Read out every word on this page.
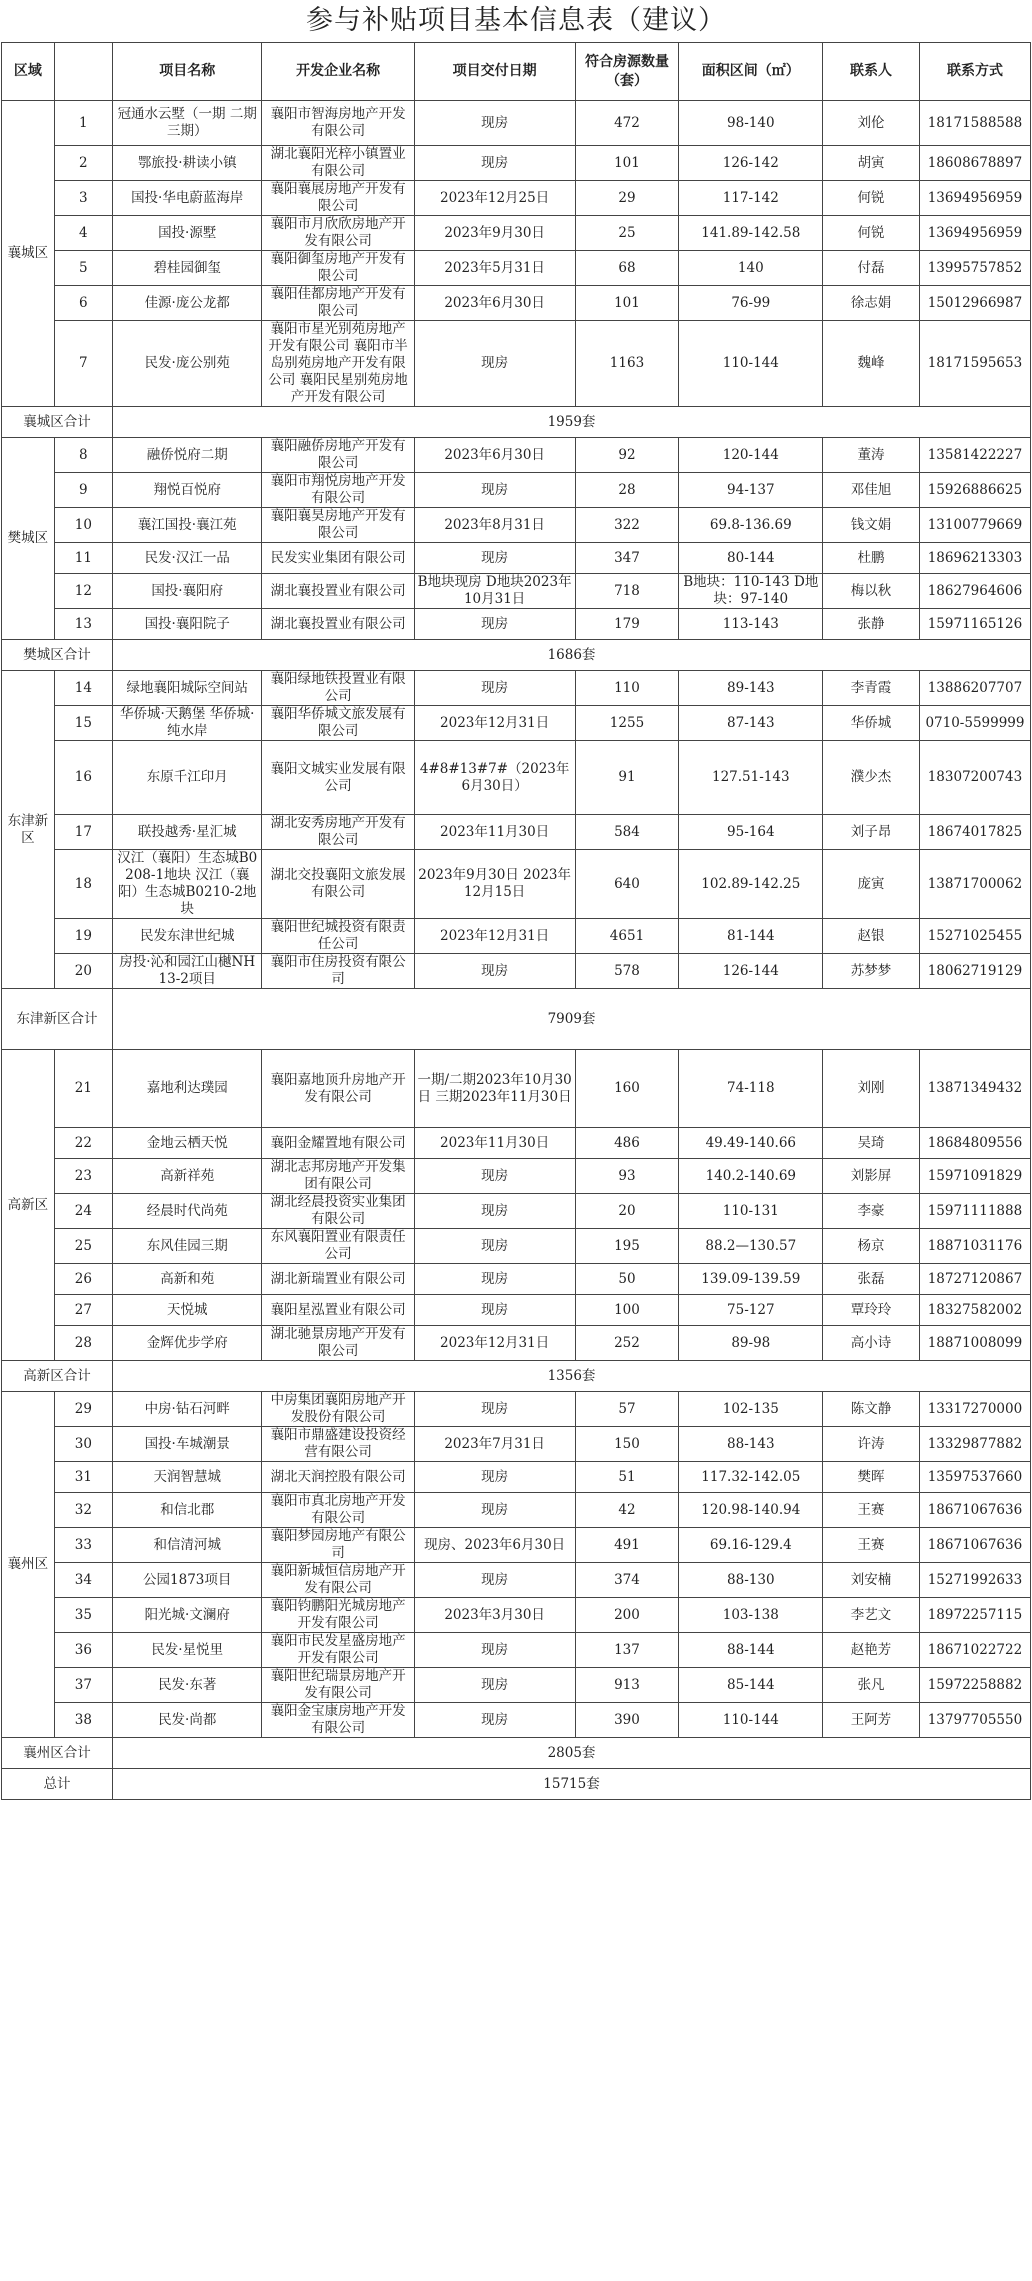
参与补贴项目基本信息表（建议）
区域		项目名称	开发企业名称	项目交付日期	符合房源数量（套）	面积区间（㎡）	联系人	联系方式
襄城区	1	冠通水云墅（一期 二期 三期）	襄阳市智海房地产开发有限公司	现房	472	98-140	刘伦	18171588588
	2	鄂旅投·耕读小镇	湖北襄阳光梓小镇置业有限公司	现房	101	126-142	胡寅	18608678897
	3	国投·华电蔚蓝海岸	襄阳襄展房地产开发有限公司	2023年12月25日	29	117-142	何锐	13694956959
	4	国投·源墅	襄阳市月欣欣房地产开发有限公司	2023年9月30日	25	141.89-142.58	何锐	13694956959
	5	碧桂园御玺	襄阳御玺房地产开发有限公司	2023年5月31日	68	140	付磊	13995757852
	6	佳源·庞公龙都	襄阳佳都房地产开发有限公司	2023年6月30日	101	76-99	徐志娟	15012966987
	7	民发·庞公别苑	襄阳市星光别苑房地产开发有限公司 襄阳市半岛别苑房地产开发有限公司 襄阳民星别苑房地产开发有限公司	现房	1163	110-144	魏峰	18171595653
襄城区合计		1959套						
樊城区	8	融侨悦府二期	襄阳融侨房地产开发有限公司	2023年6月30日	92	120-144	董涛	13581422227
	9	翔悦百悦府	襄阳市翔悦房地产开发有限公司	现房	28	94-137	邓佳旭	15926886625
	10	襄江国投·襄江苑	襄阳襄昊房地产开发有限公司	2023年8月31日	322	69.8-136.69	钱文娟	13100779669
	11	民发·汉江一品	民发实业集团有限公司	现房	347	80-144	杜鹏	18696213303
	12	国投·襄阳府	湖北襄投置业有限公司	B地块现房 D地块2023年10月31日	718	B地块：110-143 D地块：97-140	梅以秋	18627964606
	13	国投·襄阳院子	湖北襄投置业有限公司	现房	179	113-143	张静	15971165126
樊城区合计		1686套						
东津新区	14	绿地襄阳城际空间站	襄阳绿地铁投置业有限公司	现房	110	89-143	李青霞	13886207707
	15	华侨城·天鹅堡 华侨城·纯水岸	襄阳华侨城文旅发展有限公司	2023年12月31日	1255	87-143	华侨城	0710-5599999
	16	东原千江印月	襄阳文城实业发展有限公司	4#8#13#7#（2023年6月30日）	91	127.51-143	濮少杰	18307200743
	17	联投越秀·星汇城	湖北安秀房地产开发有限公司	2023年11月30日	584	95-164	刘子昂	18674017825
	18	汉江（襄阳）生态城B0208-1地块 汉江（襄阳）生态城B0210-2地块	湖北交投襄阳文旅发展有限公司	2023年9月30日 2023年12月15日	640	102.89-142.25	庞寅	13871700062
	19	民发东津世纪城	襄阳世纪城投资有限责任公司	2023年12月31日	4651	81-144	赵银	15271025455
	20	房投·沁和园江山樾NH13-2项目	襄阳市住房投资有限公司	现房	578	126-144	苏梦梦	18062719129
东津新区合计		7909套						
高新区	21	嘉地利达璞园	襄阳嘉地顶升房地产开发有限公司	一期/二期2023年10月30日 三期2023年11月30日	160	74-118	刘刚	13871349432
	22	金地云栖天悦	襄阳金耀置地有限公司	2023年11月30日	486	49.49-140.66	吴琦	18684809556
	23	高新祥苑	湖北志邦房地产开发集团有限公司	现房	93	140.2-140.69	刘影屏	15971091829
	24	经晨时代尚苑	湖北经晨投资实业集团有限公司	现房	20	110-131	李豪	15971111888
	25	东风佳园三期	东风襄阳置业有限责任公司	现房	195	88.2—130.57	杨京	18871031176
	26	高新和苑	湖北新瑞置业有限公司	现房	50	139.09-139.59	张磊	18727120867
	27	天悦城	襄阳星泓置业有限公司	现房	100	75-127	覃玲玲	18327582002
	28	金辉优步学府	湖北驰景房地产开发有限公司	2023年12月31日	252	89-98	高小诗	18871008099
高新区合计		1356套						
襄州区	29	中房·钻石河畔	中房集团襄阳房地产开发股份有限公司	现房	57	102-135	陈文静	13317270000
	30	国投·车城潮景	襄阳市鼎盛建设投资经营有限公司	2023年7月31日	150	88-143	许涛	13329877882
	31	天润智慧城	湖北天润控股有限公司	现房	51	117.32-142.05	樊晖	13597537660
	32	和信北郡	襄阳市真北房地产开发有限公司	现房	42	120.98-140.94	王赛	18671067636
	33	和信清河城	襄阳梦园房地产有限公司	现房、2023年6月30日	491	69.16-129.4	王赛	18671067636
	34	公园1873项目	襄阳新城恒信房地产开发有限公司	现房	374	88-130	刘安楠	15271992633
	35	阳光城·文澜府	襄阳钧鹏阳光城房地产开发有限公司	2023年3月30日	200	103-138	李艺文	18972257115
	36	民发·星悦里	襄阳市民发星盛房地产开发有限公司	现房	137	88-144	赵艳芳	18671022722
	37	民发·东著	襄阳世纪瑞景房地产开发有限公司	现房	913	85-144	张凡	15972258882
	38	民发·尚都	襄阳金宝康房地产开发有限公司	现房	390	110-144	王阿芳	13797705550
襄州区合计		2805套						
总计		15715套						
